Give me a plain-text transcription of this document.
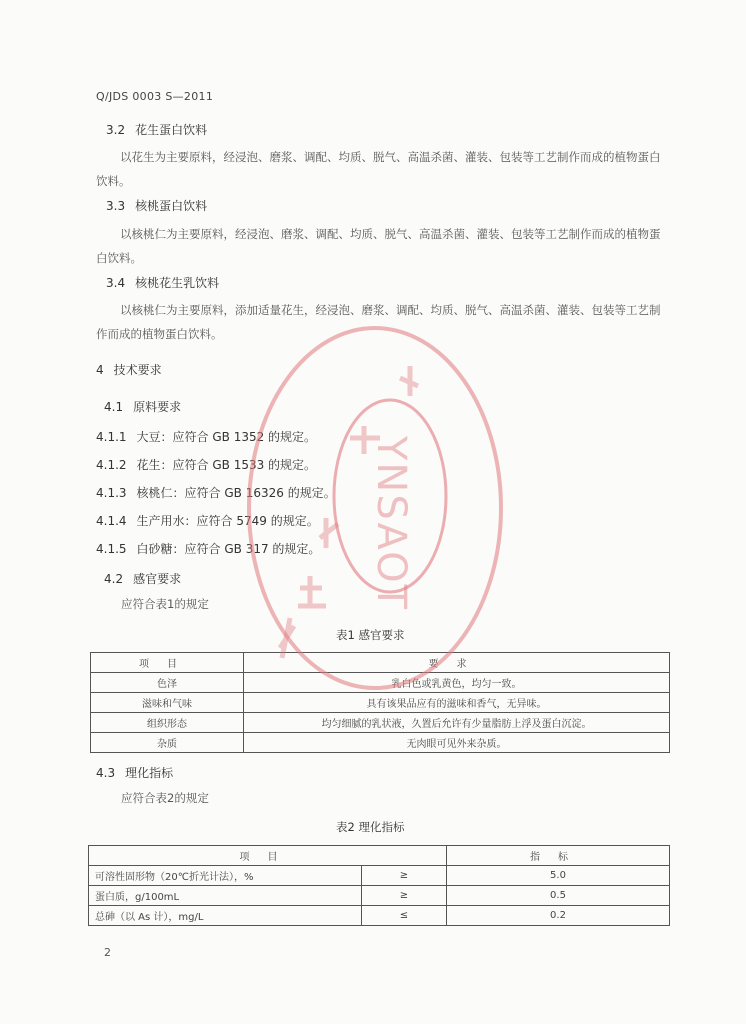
Q/JDS 0003 S—2011
3.2 花生蛋白饮料
以花生为主要原料，经浸泡、磨浆、调配、均质、脱气、高温杀菌、灌装、包装等工艺制作而成的植物蛋白饮料。
3.3 核桃蛋白饮料
以核桃仁为主要原料，经浸泡、磨浆、调配、均质、脱气、高温杀菌、灌装、包装等工艺制作而成的植物蛋白饮料。
3.4 核桃花生乳饮料
以核桃仁为主要原料，添加适量花生，经浸泡、磨浆、调配、均质、脱气、高温杀菌、灌装、包装等工艺制作而成的植物蛋白饮料。
4 技术要求
4.1 原料要求
4.1.1 大豆：应符合 GB 1352 的规定。
4.1.2 花生：应符合 GB 1533 的规定。
4.1.3 核桃仁：应符合 GB 16326 的规定。
4.1.4 生产用水：应符合 5749 的规定。
4.1.5 白砂糖：应符合 GB 317 的规定。
4.2 感官要求
应符合表1的规定
表1 感官要求
项目	要求
色泽	乳白色或乳黄色，均匀一致。
滋味和气味	具有该果品应有的滋味和香气，无异味。
组织形态	均匀细腻的乳状液，久置后允许有少量脂肪上浮及蛋白沉淀。
杂质	无肉眼可见外来杂质。
4.3 理化指标
应符合表2的规定
表2 理化指标
项目		指标
可溶性固形物（20℃折光计法），%	≥	5.0
蛋白质，g/100mL	≥	0.5
总砷（以 As 计），mg/L	≤	0.2
2
YNSAOT
